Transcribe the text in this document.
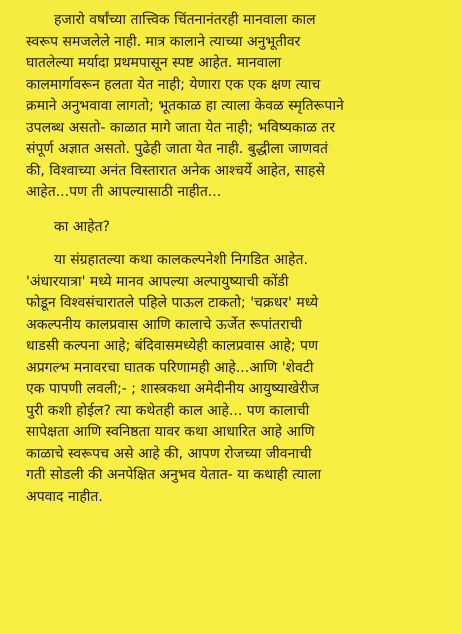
हजारो वर्षांच्या तात्त्विक चिंतनानंतरही मानवाला काल
स्वरूप समजलेले नाही. मात्र कालाने त्याच्या अनुभूतीवर
घातलेल्या मर्यादा प्रथमपासून स्पष्ट आहेत. मानवाला
कालमार्गावरून हलता येत नाही; येणारा एक एक क्षण त्याच
क्रमाने अनुभवावा लागतो; भूतकाळ हा त्याला केवळ स्मृतिरूपाने
उपलब्ध असतो- काळात मागे जाता येत नाही; भविष्यकाळ तर
संपूर्ण अज्ञात असतो. पुढेही जाता येत नाही. बुद्धीला जाणवतं
की, विश्वाच्या अनंत विस्तारात अनेक आश्चर्ये आहेत, साहसे
आहेत...पण ती आपल्यासाठी नाहीत...
का आहेत?
या संग्रहातल्या कथा कालकल्पनेशी निगडित आहेत.
'अंधारयात्रा' मध्ये मानव आपल्या अल्पायुष्याची कोंडी
फोडून विश्वसंचारातले पहिले पाऊल टाकतो; 'चक्रधर' मध्ये
अकल्पनीय कालप्रवास आणि कालाचे ऊर्जेत रूपांतराची
धाडसी कल्पना आहे; बंदिवासमध्येही कालप्रवास आहे; पण
अप्रगल्भ मनावरचा घातक परिणामही आहे...आणि 'शेवटी
एक पापणी लवली;- ; शास्त्रकथा अमेदीनीय आयुष्याखेरीज
पुरी कशी होईल? त्या कथेतही काल आहे... पण कालाची
सापेक्षता आणि स्वनिष्ठता यावर कथा आधारित आहे आणि
काळाचे स्वरूपच असे आहे की, आपण रोजच्या जीवनाची
गती सोडली की अनपेक्षित अनुभव येतात- या कथाही त्याला
अपवाद नाहीत.
